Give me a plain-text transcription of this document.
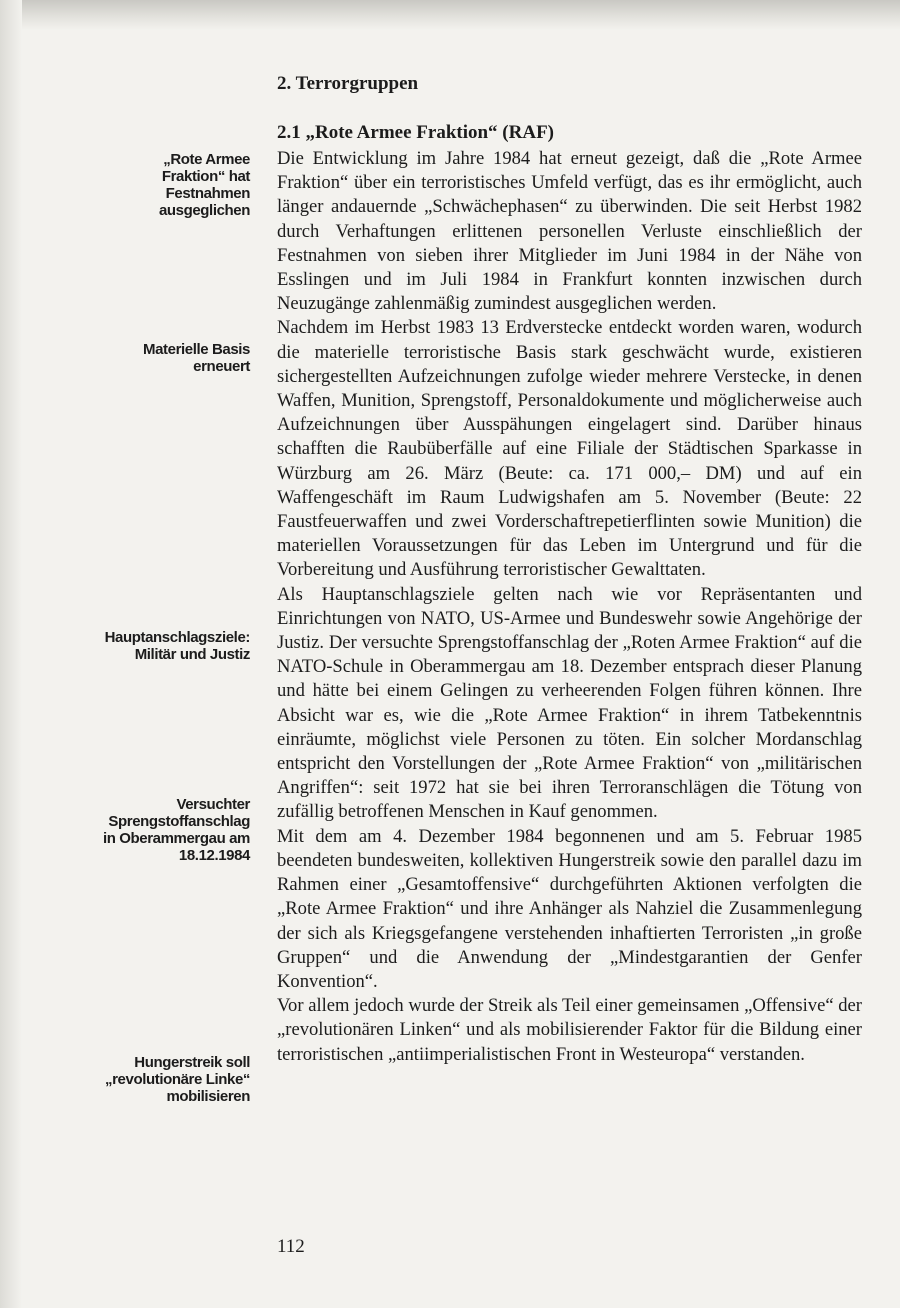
2. Terrorgruppen
2.1 „Rote Armee Fraktion“ (RAF)
„Rote Armee Fraktion“ hat Festnahmen ausgeglichen
Materielle Basis erneuert
Hauptanschlagsziele: Militär und Justiz
Versuchter Sprengstoffanschlag in Oberammergau am 18.12.1984
Hungerstreik soll „revolutionäre Linke“ mobilisieren

Die Entwicklung im Jahre 1984 hat erneut gezeigt, daß die „Rote Armee Fraktion“ über ein terroristisches Umfeld verfügt, das es ihr ermöglicht, auch länger andauernde „Schwächephasen“ zu überwinden. Die seit Herbst 1982 durch Verhaftungen erlittenen personellen Verluste einschließlich der Festnahmen von sieben ihrer Mitglieder im Juni 1984 in der Nähe von Esslingen und im Juli 1984 in Frankfurt konnten inzwischen durch Neuzugänge zahlenmäßig zumindest ausgeglichen werden.

Nachdem im Herbst 1983 13 Erdverstecke entdeckt worden waren, wodurch die materielle terroristische Basis stark geschwächt wurde, existieren sichergestellten Aufzeichnungen zufolge wieder mehrere Verstecke, in denen Waffen, Munition, Sprengstoff, Personaldokumente und möglicherweise auch Aufzeichnungen über Ausspähungen eingelagert sind. Darüber hinaus schafften die Raubüberfälle auf eine Filiale der Städtischen Sparkasse in Würzburg am 26. März (Beute: ca. 171 000,– DM) und auf ein Waffengeschäft im Raum Ludwigshafen am 5. November (Beute: 22 Faustfeuerwaffen und zwei Vorderschaftrepetierflinten sowie Munition) die materiellen Voraussetzungen für das Leben im Untergrund und für die Vorbereitung und Ausführung terroristischer Gewalttaten.

Als Hauptanschlagsziele gelten nach wie vor Repräsentanten und Einrichtungen von NATO, US-Armee und Bundeswehr sowie Angehörige der Justiz. Der versuchte Sprengstoffanschlag der „Roten Armee Fraktion“ auf die NATO-Schule in Oberammergau am 18. Dezember entsprach dieser Planung und hätte bei einem Gelingen zu verheerenden Folgen führen können. Ihre Absicht war es, wie die „Rote Armee Fraktion“ in ihrem Tatbekenntnis einräumte, möglichst viele Personen zu töten. Ein solcher Mordanschlag entspricht den Vorstellungen der „Rote Armee Fraktion“ von „militärischen Angriffen“: seit 1972 hat sie bei ihren Terroranschlägen die Tötung von zufällig betroffenen Menschen in Kauf genommen.

Mit dem am 4. Dezember 1984 begonnenen und am 5. Februar 1985 beendeten bundesweiten, kollektiven Hungerstreik sowie den parallel dazu im Rahmen einer „Gesamtoffensive“ durchgeführten Aktionen verfolgten die „Rote Armee Fraktion“ und ihre Anhänger als Nahziel die Zusammenlegung der sich als Kriegsgefangene verstehenden inhaftierten Terroristen „in große Gruppen“ und die Anwendung der „Mindestgarantien der Genfer Konvention“.

Vor allem jedoch wurde der Streik als Teil einer gemeinsamen „Offensive“ der „revolutionären Linken“ und als mobilisierender Faktor für die Bildung einer terroristischen „antiimperialistischen Front in Westeuropa“ verstanden.

112
